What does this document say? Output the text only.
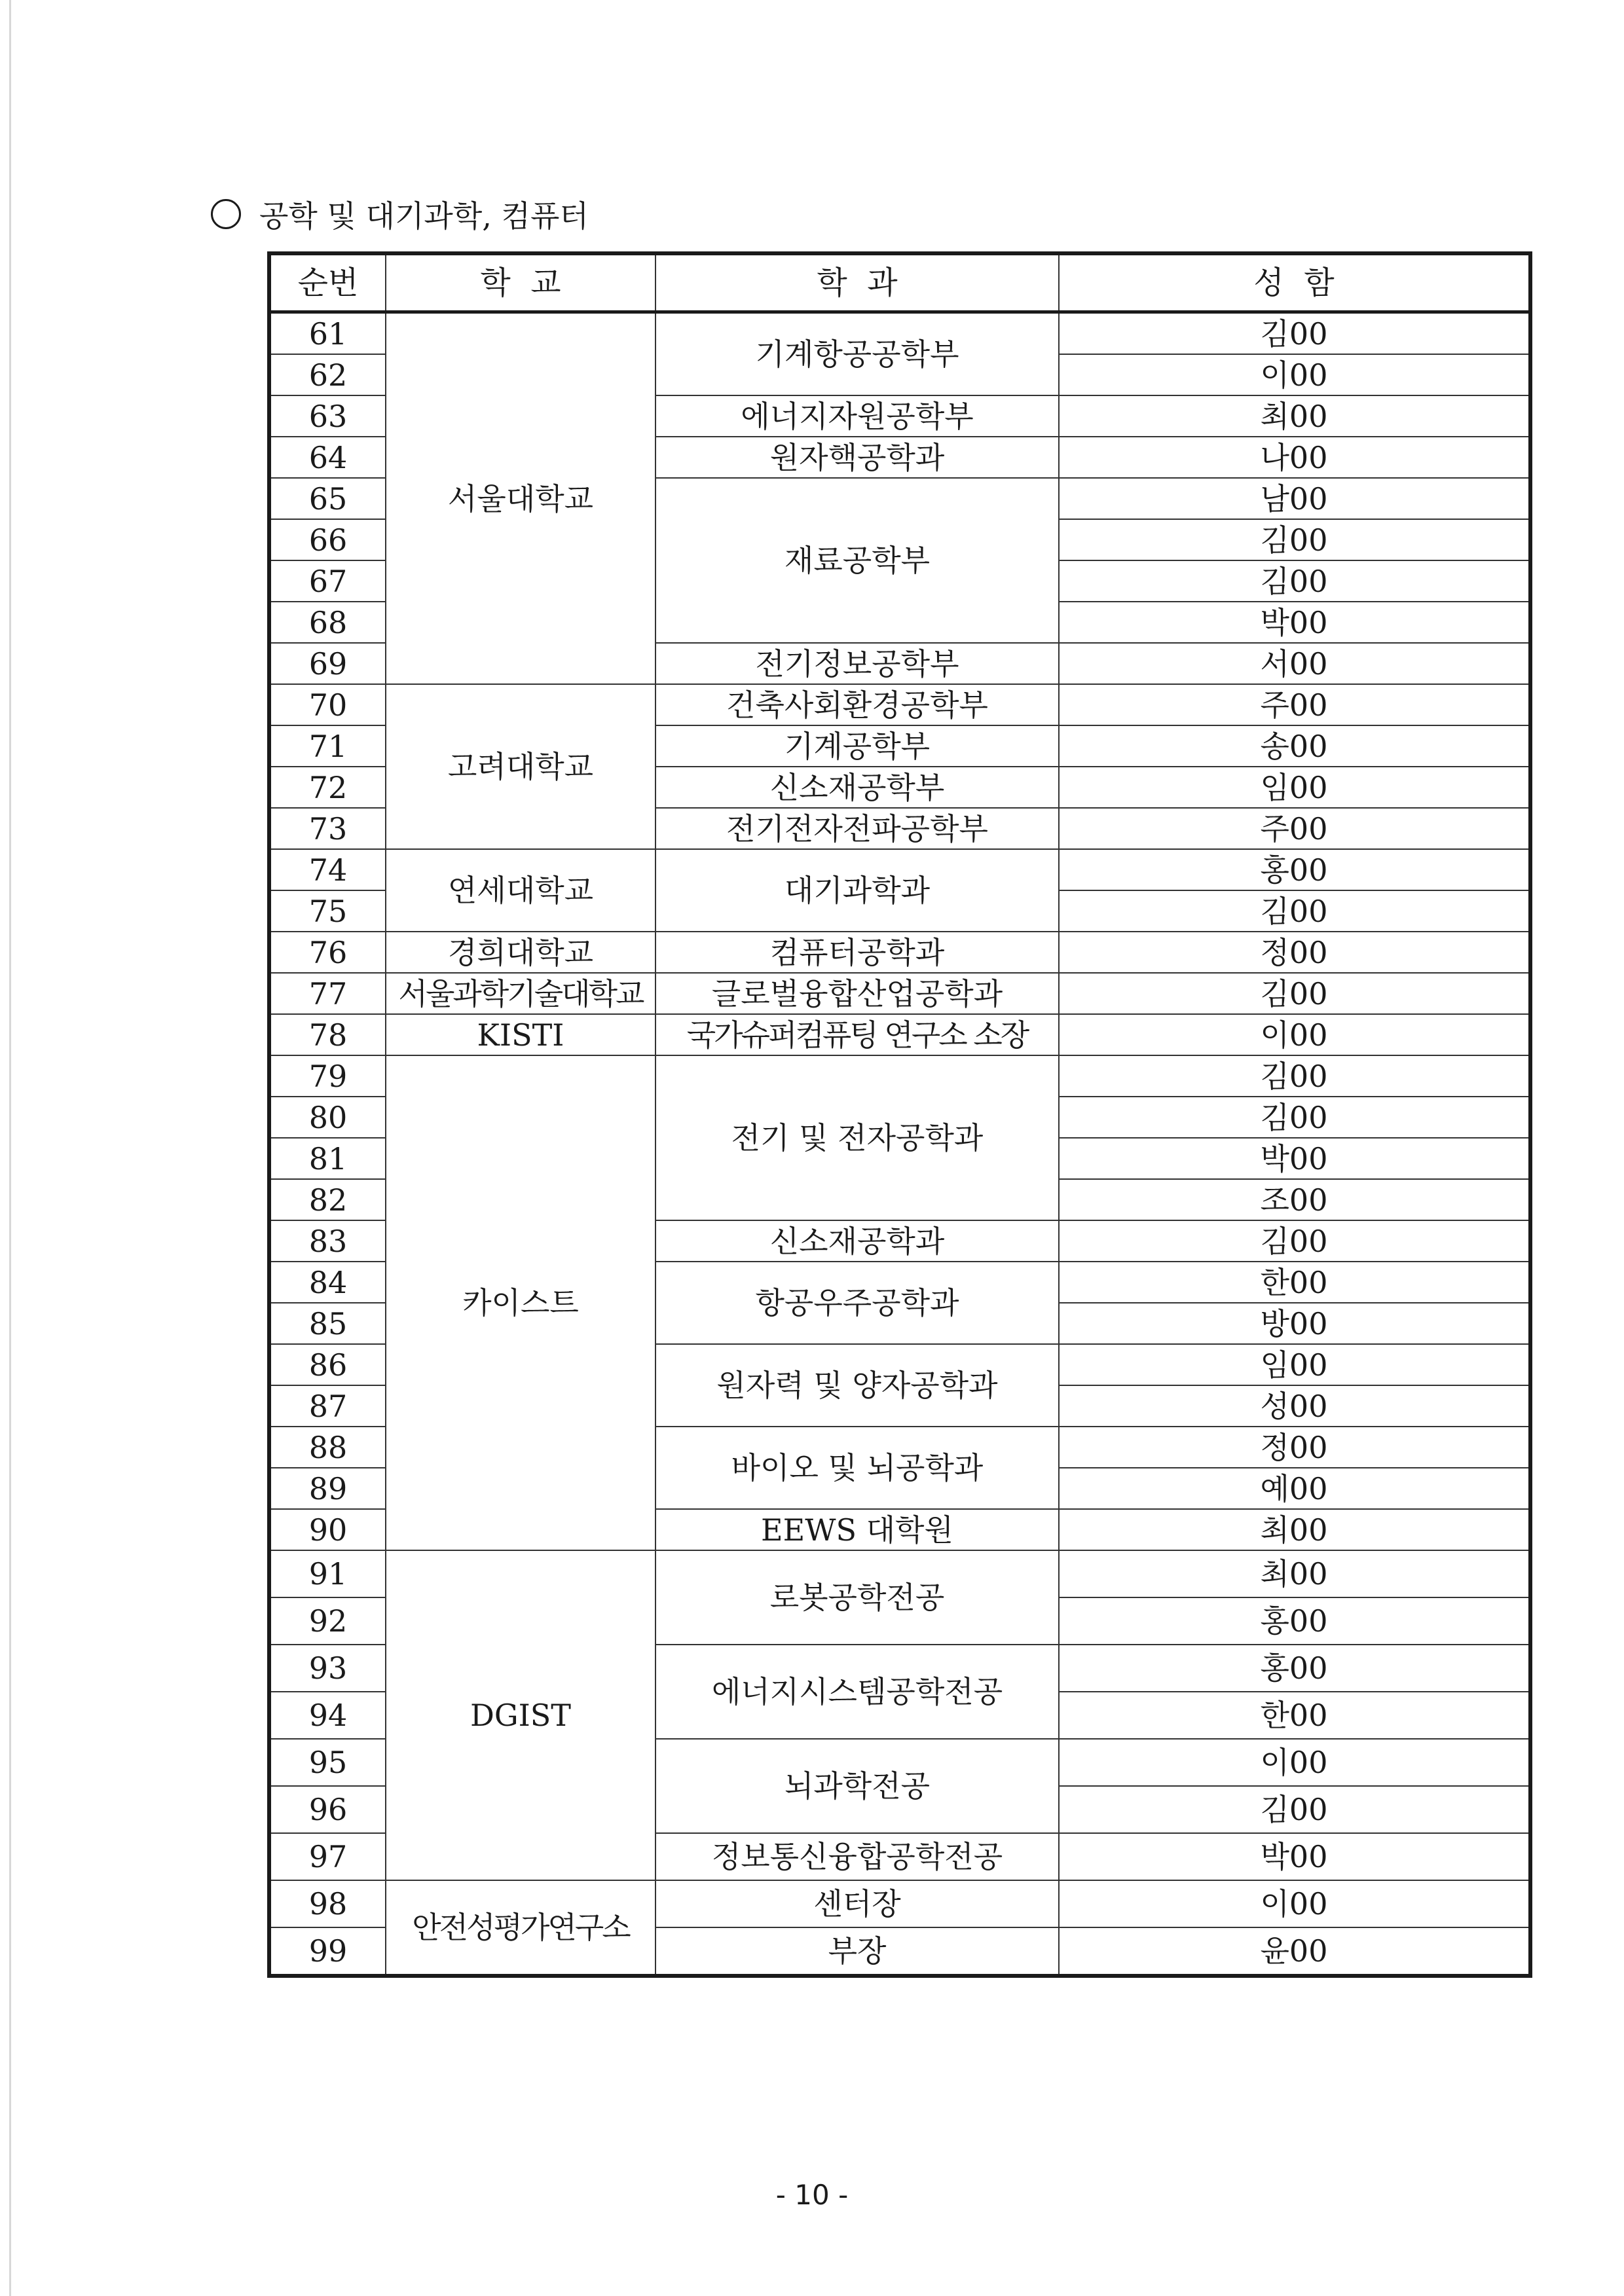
공학 및 대기과학, 컴퓨터
순번	학  교	학  과	성  함
61	서울대학교	기계항공공학부	김00
62			이00
63		에너지자원공학부	최00
64		원자핵공학과	나00
65		재료공학부	남00
66			김00
67			김00
68			박00
69		전기정보공학부	서00
70	고려대학교	건축사회환경공학부	주00
71		기계공학부	송00
72		신소재공학부	임00
73		전기전자전파공학부	주00
74	연세대학교	대기과학과	홍00
75			김00
76	경희대학교	컴퓨터공학과	정00
77	서울과학기술대학교	글로벌융합산업공학과	김00
78	KISTI	국가슈퍼컴퓨팅 연구소 소장	이00
79	카이스트	전기 및 전자공학과	김00
80			김00
81			박00
82			조00
83		신소재공학과	김00
84		항공우주공학과	한00
85			방00
86		원자력 및 양자공학과	임00
87			성00
88		바이오 및 뇌공학과	정00
89			예00
90		EEWS 대학원	최00
91	DGIST	로봇공학전공	최00
92			홍00
93		에너지시스템공학전공	홍00
94			한00
95		뇌과학전공	이00
96			김00
97		정보통신융합공학전공	박00
98	안전성평가연구소	센터장	이00
99		부장	윤00
- 10 -
